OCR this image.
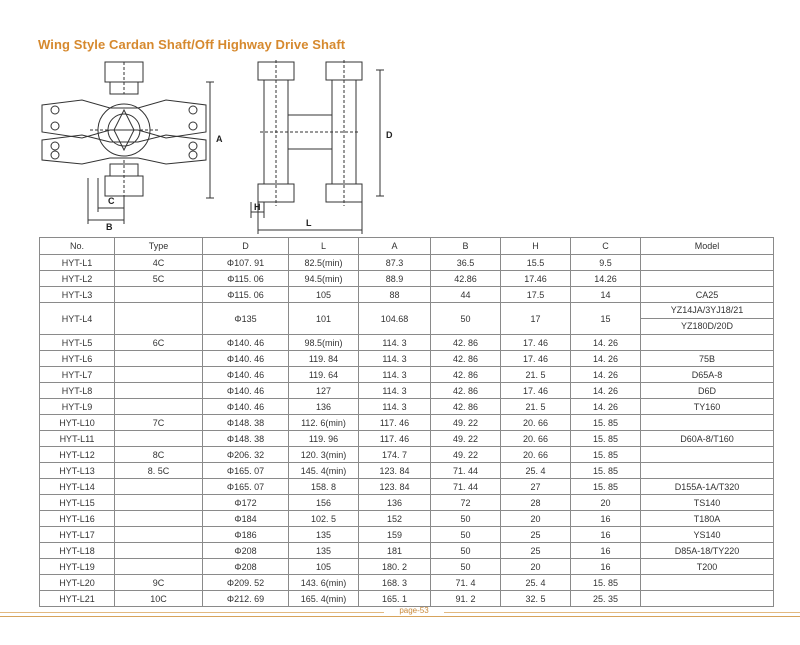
Wing Style Cardan Shaft/Off Highway Drive Shaft
A
C
B
D
H
L
No.	Type	D	L	A	B	H	C	Model
HYT-L1	4C	Φ107. 91	82.5(min)	87.3	36.5	15.5	9.5	
HYT-L2	5C	Φ115. 06	94.5(min)	88.9	42.86	17.46	14.26	
HYT-L3		Φ115. 06	105	88	44	17.5	14	CA25
HYT-L4		Φ135	101	104.68	50	17	15	YZ14JA/3YJ18/21
YZ180D/20D

HYT-L5	6C	Φ140. 46	98.5(min)	114. 3	42. 86	17. 46	14. 26	
HYT-L6		Φ140. 46	119. 84	114. 3	42. 86	17. 46	14. 26	75B
HYT-L7		Φ140. 46	119. 64	114. 3	42. 86	21. 5	14. 26	D65A-8
HYT-L8		Φ140. 46	127	114. 3	42. 86	17. 46	14. 26	D6D
HYT-L9		Φ140. 46	136	114. 3	42. 86	21. 5	14. 26	TY160
HYT-L10	7C	Φ148. 38	112. 6(min)	117. 46	49. 22	20. 66	15. 85	
HYT-L11		Φ148. 38	119. 96	117. 46	49. 22	20. 66	15. 85	D60A-8/T160
HYT-L12	8C	Φ206. 32	120. 3(min)	174. 7	49. 22	20. 66	15. 85	
HYT-L13	8. 5C	Φ165. 07	145. 4(min)	123. 84	71. 44	25. 4	15. 85	
HYT-L14		Φ165. 07	158. 8	123. 84	71. 44	27	15. 85	D155A-1A/T320
HYT-L15		Φ172	156	136	72	28	20	TS140
HYT-L16		Φ184	102. 5	152	50	20	16	T180A
HYT-L17		Φ186	135	159	50	25	16	YS140
HYT-L18		Φ208	135	181	50	25	16	D85A-18/TY220
HYT-L19		Φ208	105	180. 2	50	20	16	T200
HYT-L20	9C	Φ209. 52	143. 6(min)	168. 3	71. 4	25. 4	15. 85	
HYT-L21	10C	Φ212. 69	165. 4(min)	165. 1	91. 2	32. 5	25. 35	
page-53
